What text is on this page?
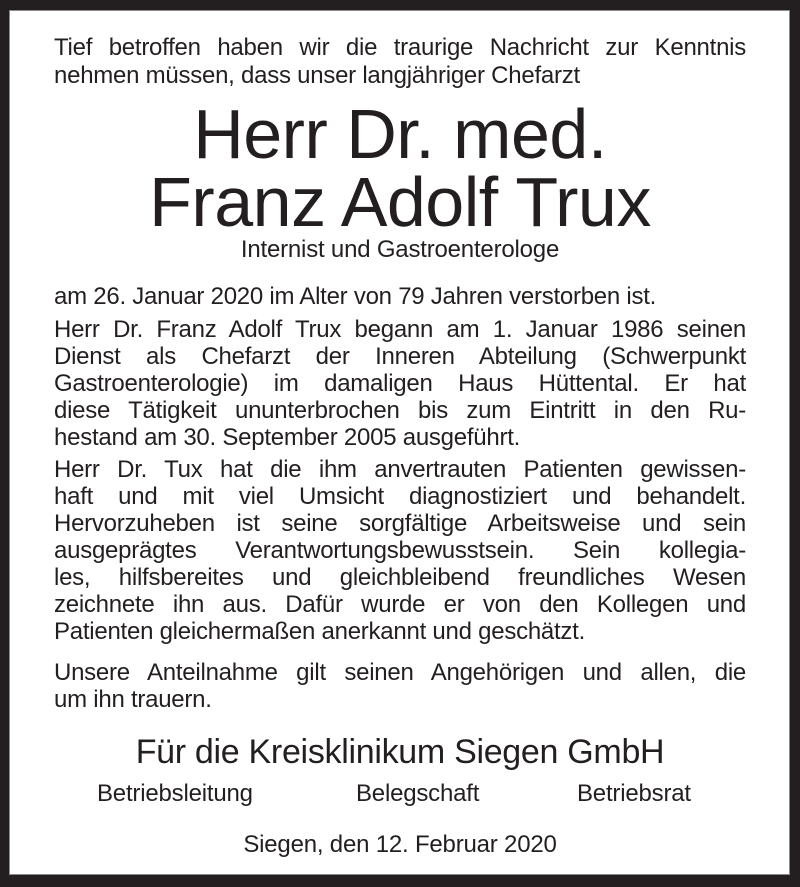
Tief betroffen haben wir die traurige Nachricht zur Kenntnis
nehmen müssen, dass unser langjähriger Chefarzt
Herr Dr. med.
Franz Adolf Trux
Internist und Gastroenterologe
am 26. Januar 2020 im Alter von 79 Jahren verstorben ist.
Herr Dr. Franz Adolf Trux begann am 1. Januar 1986 seinen
Dienst als Chefarzt der Inneren Abteilung (Schwerpunkt
Gastroenterologie) im damaligen Haus Hüttental. Er hat
diese Tätigkeit ununterbrochen bis zum Eintritt in den Ru-
hestand am 30. September 2005 ausgeführt.
Herr Dr. Tux hat die ihm anvertrauten Patienten gewissen-
haft und mit viel Umsicht diagnostiziert und behandelt.
Hervorzuheben ist seine sorgfältige Arbeitsweise und sein
ausgeprägtes Verantwortungsbewusstsein. Sein kollegia-
les, hilfsbereites und gleichbleibend freundliches Wesen
zeichnete ihn aus. Dafür wurde er von den Kollegen und
Patienten gleichermaßen anerkannt und geschätzt.
Unsere Anteilnahme gilt seinen Angehörigen und allen, die
um ihn trauern.
Für die Kreisklinikum Siegen GmbH
Betriebsleitung	Belegschaft	Betriebsrat
Siegen, den 12. Februar 2020
